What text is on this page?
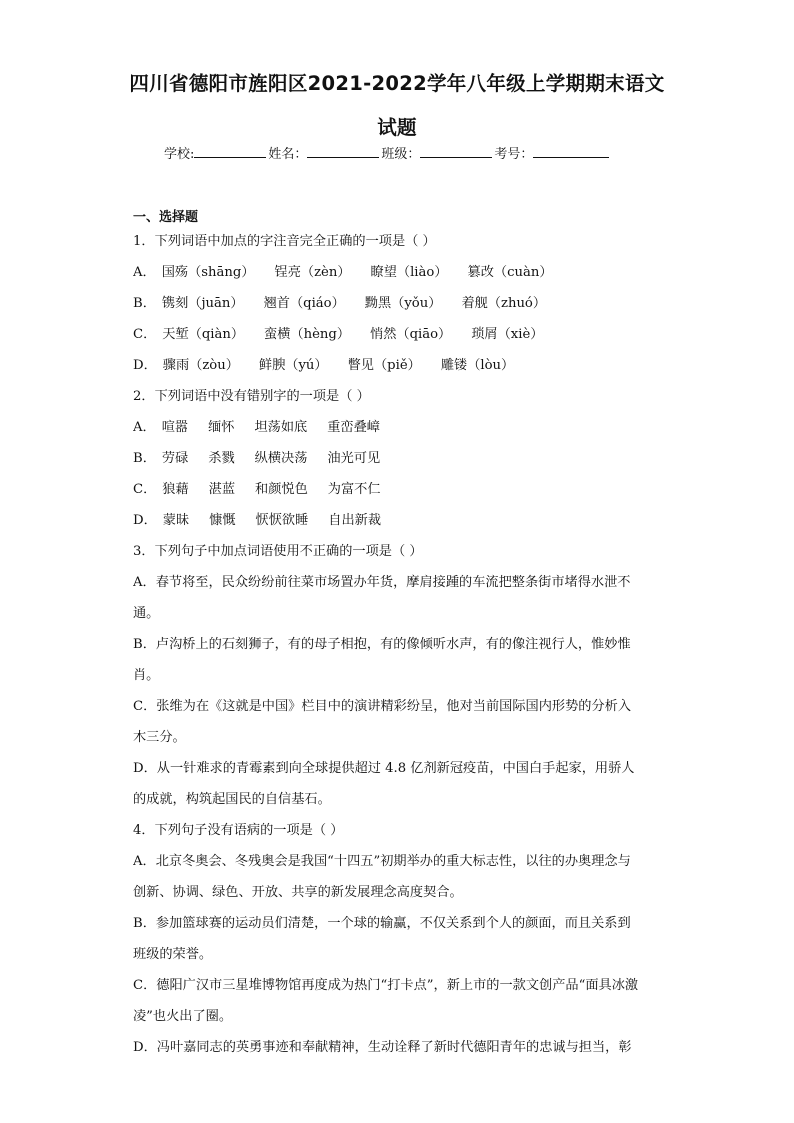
四川省德阳市旌阳区2021-2022学年八年级上学期期末语文
试题
学校:	姓名：	班级：	考号：
一、选择题
1．下列词语中加点的字注音完全正确的一项是（ ）
A． 国殇（shāng） 锃亮（zèn） 瞭望（liào） 篡改（cuàn）
B． 镌刻（juān） 翘首（qiáo） 黝黑（yǒu） 着舰（zhuó）
C． 天堑（qiàn） 蛮横（hèng） 悄然（qiāo） 琐屑（xiè）
D． 骤雨（zòu） 鲜腴（yú） 瞥见（piě） 雕镂（lòu）
2．下列词语中没有错别字的一项是（ ）
A． 喧嚣 缅怀 坦荡如底 重峦叠嶂
B． 劳碌 杀戮 纵横决荡 油光可见
C． 狼藉 湛蓝 和颜悦色 为富不仁
D． 蒙昧 慷慨 恹恹欲睡 自出新裁
3．下列句子中加点词语使用不正确的一项是（ ）
A．春节将至，民众纷纷前往菜市场置办年货，摩肩接踵的车流把整条街市堵得水泄不
通。
B．卢沟桥上的石刻狮子，有的母子相抱，有的像倾听水声，有的像注视行人，惟妙惟
肖。
C．张维为在《这就是中国》栏目中的演讲精彩纷呈，他对当前国际国内形势的分析入
木三分。
D．从一针难求的青霉素到向全球提供超过 4.8 亿剂新冠疫苗，中国白手起家，用骄人
的成就，构筑起国民的自信基石。
4．下列句子没有语病的一项是（ ）
A．北京冬奥会、冬残奥会是我国“十四五”初期举办的重大标志性，以往的办奥理念与
创新、协调、绿色、开放、共享的新发展理念高度契合。
B．参加篮球赛的运动员们清楚，一个球的输赢，不仅关系到个人的颜面，而且关系到
班级的荣誉。
C．德阳广汉市三星堆博物馆再度成为热门“打卡点”，新上市的一款文创产品“面具冰激
凌”也火出了圈。
D．冯叶嘉同志的英勇事迹和奉献精神，生动诠释了新时代德阳青年的忠诚与担当，彰
